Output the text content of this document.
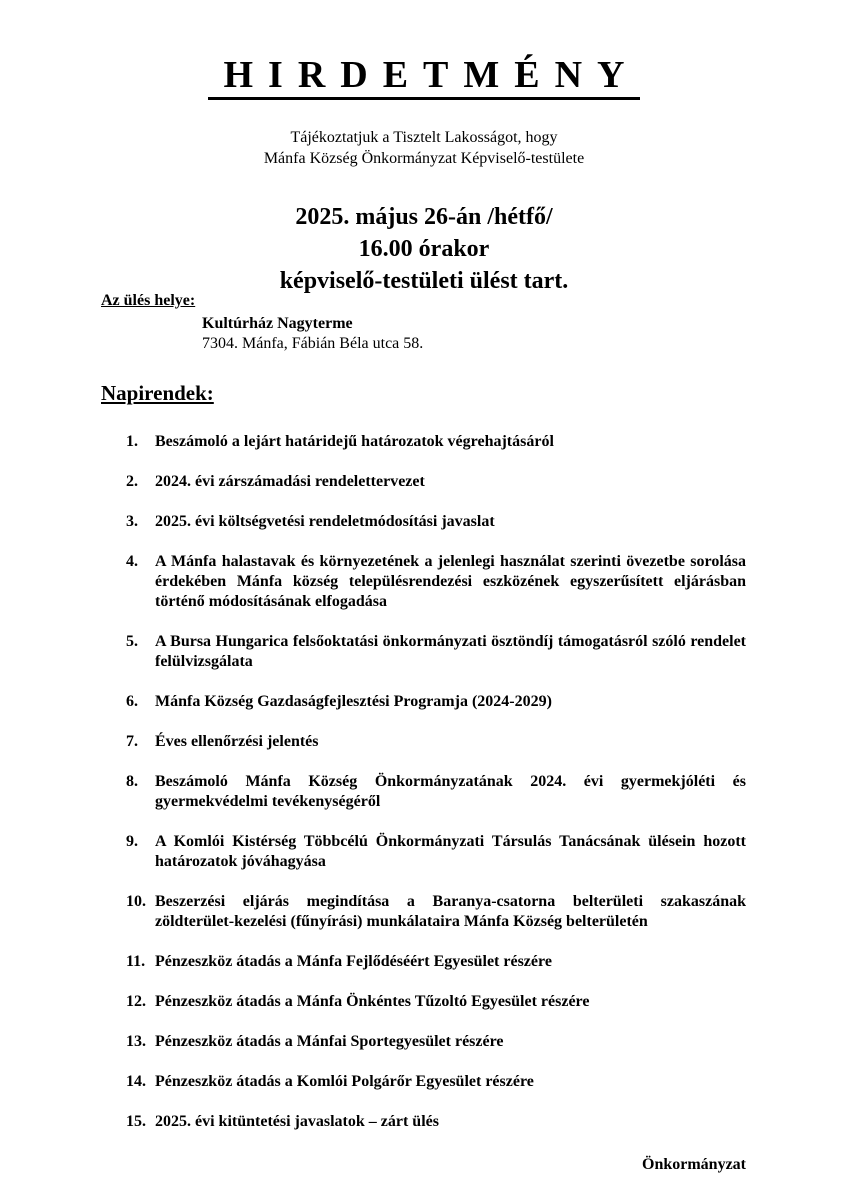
HIRDETMÉNY
Tájékoztatjuk a Tisztelt Lakosságot, hogy
Mánfa Község Önkormányzat Képviselő-testülete
2025. május 26-án /hétfő/
16.00 órakor
képviselő-testületi ülést tart.
Az ülés helye:
Kultúrház Nagyterme
7304. Mánfa, Fábián Béla utca 58.
Napirendek:
1.	Beszámoló a lejárt határidejű határozatok végrehajtásáról
2.	2024. évi zárszámadási rendelettervezet
3.	2025. évi költségvetési rendeletmódosítási javaslat
4.	A Mánfa halastavak és környezetének a jelenlegi használat szerinti övezetbe sorolása érdekében Mánfa község településrendezési eszközének egyszerűsített eljárásban történő módosításának elfogadása
5.	A Bursa Hungarica felsőoktatási önkormányzati ösztöndíj támogatásról szóló rendelet felülvizsgálata
6.	Mánfa Község Gazdaságfejlesztési Programja (2024-2029)
7.	Éves ellenőrzési jelentés
8.	Beszámoló Mánfa Község Önkormányzatának 2024. évi gyermekjóléti és gyermekvédelmi tevékenységéről
9.	A Komlói Kistérség Többcélú Önkormányzati Társulás Tanácsának ülésein hozott határozatok jóváhagyása
10. Beszerzési eljárás megindítása a Baranya-csatorna belterületi szakaszának zöldterület-kezelési (fűnyírási) munkálataira Mánfa Község belterületén
11. Pénzeszköz átadás a Mánfa Fejlődéséért Egyesület részére
12. Pénzeszköz átadás a Mánfa Önkéntes Tűzoltó Egyesület részére
13. Pénzeszköz átadás a Mánfai Sportegyesület részére
14. Pénzeszköz átadás a Komlói Polgárőr Egyesület részére
15. 2025. évi kitüntetési javaslatok – zárt ülés
Önkormányzat
